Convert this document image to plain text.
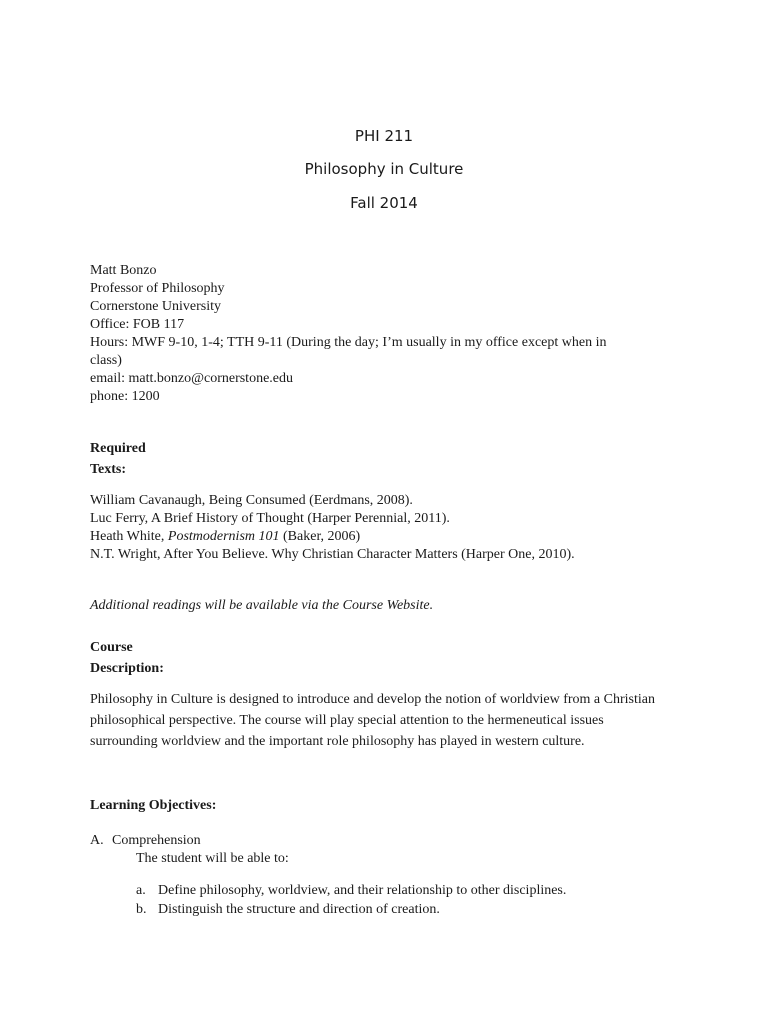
PHI 211
Philosophy in Culture
Fall 2014
Matt Bonzo
Professor of Philosophy
Cornerstone University
Office: FOB 117
Hours: MWF 9-10, 1-4; TTH 9-11 (During the day; I’m usually in my office except when in
class)
email: matt.bonzo@cornerstone.edu
phone: 1200
Required
Texts:
William Cavanaugh, Being Consumed (Eerdmans, 2008).
Luc Ferry, A Brief History of Thought (Harper Perennial, 2011).
Heath White, Postmodernism 101 (Baker, 2006)
N.T. Wright, After You Believe. Why Christian Character Matters (Harper One, 2010).
Additional readings will be available via the Course Website.
Course
Description:
Philosophy in Culture is designed to introduce and develop the notion of worldview from a Christian philosophical perspective. The course will play special attention to the hermeneutical issues surrounding worldview and the important role philosophy has played in western culture.
Learning Objectives:
A. Comprehension
The student will be able to:
a. Define philosophy, worldview, and their relationship to other disciplines.
b. Distinguish the structure and direction of creation.
